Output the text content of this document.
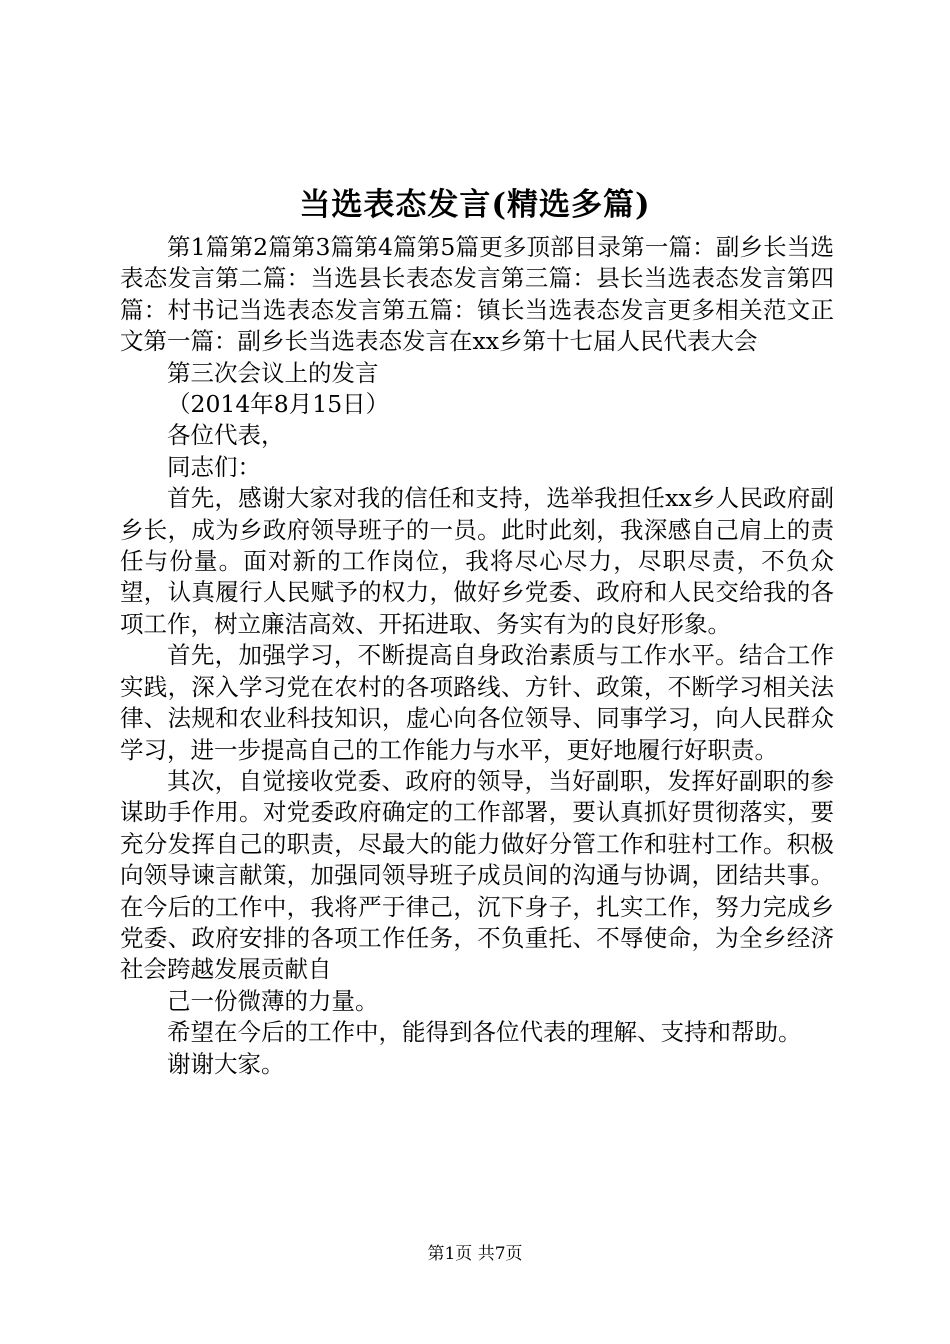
当选表态发言(精选多篇)

第1篇第2篇第3篇第4篇第5篇更多顶部目录第一篇：副乡长当选表态发言第二篇：当选县长表态发言第三篇：县长当选表态发言第四篇：村书记当选表态发言第五篇：镇长当选表态发言更多相关范文正文第一篇：副乡长当选表态发言在xx乡第十七届人民代表大会

第三次会议上的发言

（2014年8月15日）

各位代表，

同志们：

首先，感谢大家对我的信任和支持，选举我担任xx乡人民政府副乡长，成为乡政府领导班子的一员。此时此刻，我深感自己肩上的责任与份量。面对新的工作岗位，我将尽心尽力，尽职尽责，不负众望，认真履行人民赋予的权力，做好乡党委、政府和人民交给我的各项工作，树立廉洁高效、开拓进取、务实有为的良好形象。

首先，加强学习，不断提高自身政治素质与工作水平。结合工作实践，深入学习党在农村的各项路线、方针、政策，不断学习相关法律、法规和农业科技知识，虚心向各位领导、同事学习，向人民群众学习，进一步提高自己的工作能力与水平，更好地履行好职责。

其次，自觉接收党委、政府的领导，当好副职，发挥好副职的参谋助手作用。对党委政府确定的工作部署，要认真抓好贯彻落实，要充分发挥自己的职责，尽最大的能力做好分管工作和驻村工作。积极向领导谏言献策，加强同领导班子成员间的沟通与协调，团结共事。在今后的工作中，我将严于律己，沉下身子，扎实工作，努力完成乡党委、政府安排的各项工作任务，不负重托、不辱使命，为全乡经济社会跨越发展贡献自

己一份微薄的力量。

希望在今后的工作中，能得到各位代表的理解、支持和帮助。

谢谢大家。

第1页 共7页
